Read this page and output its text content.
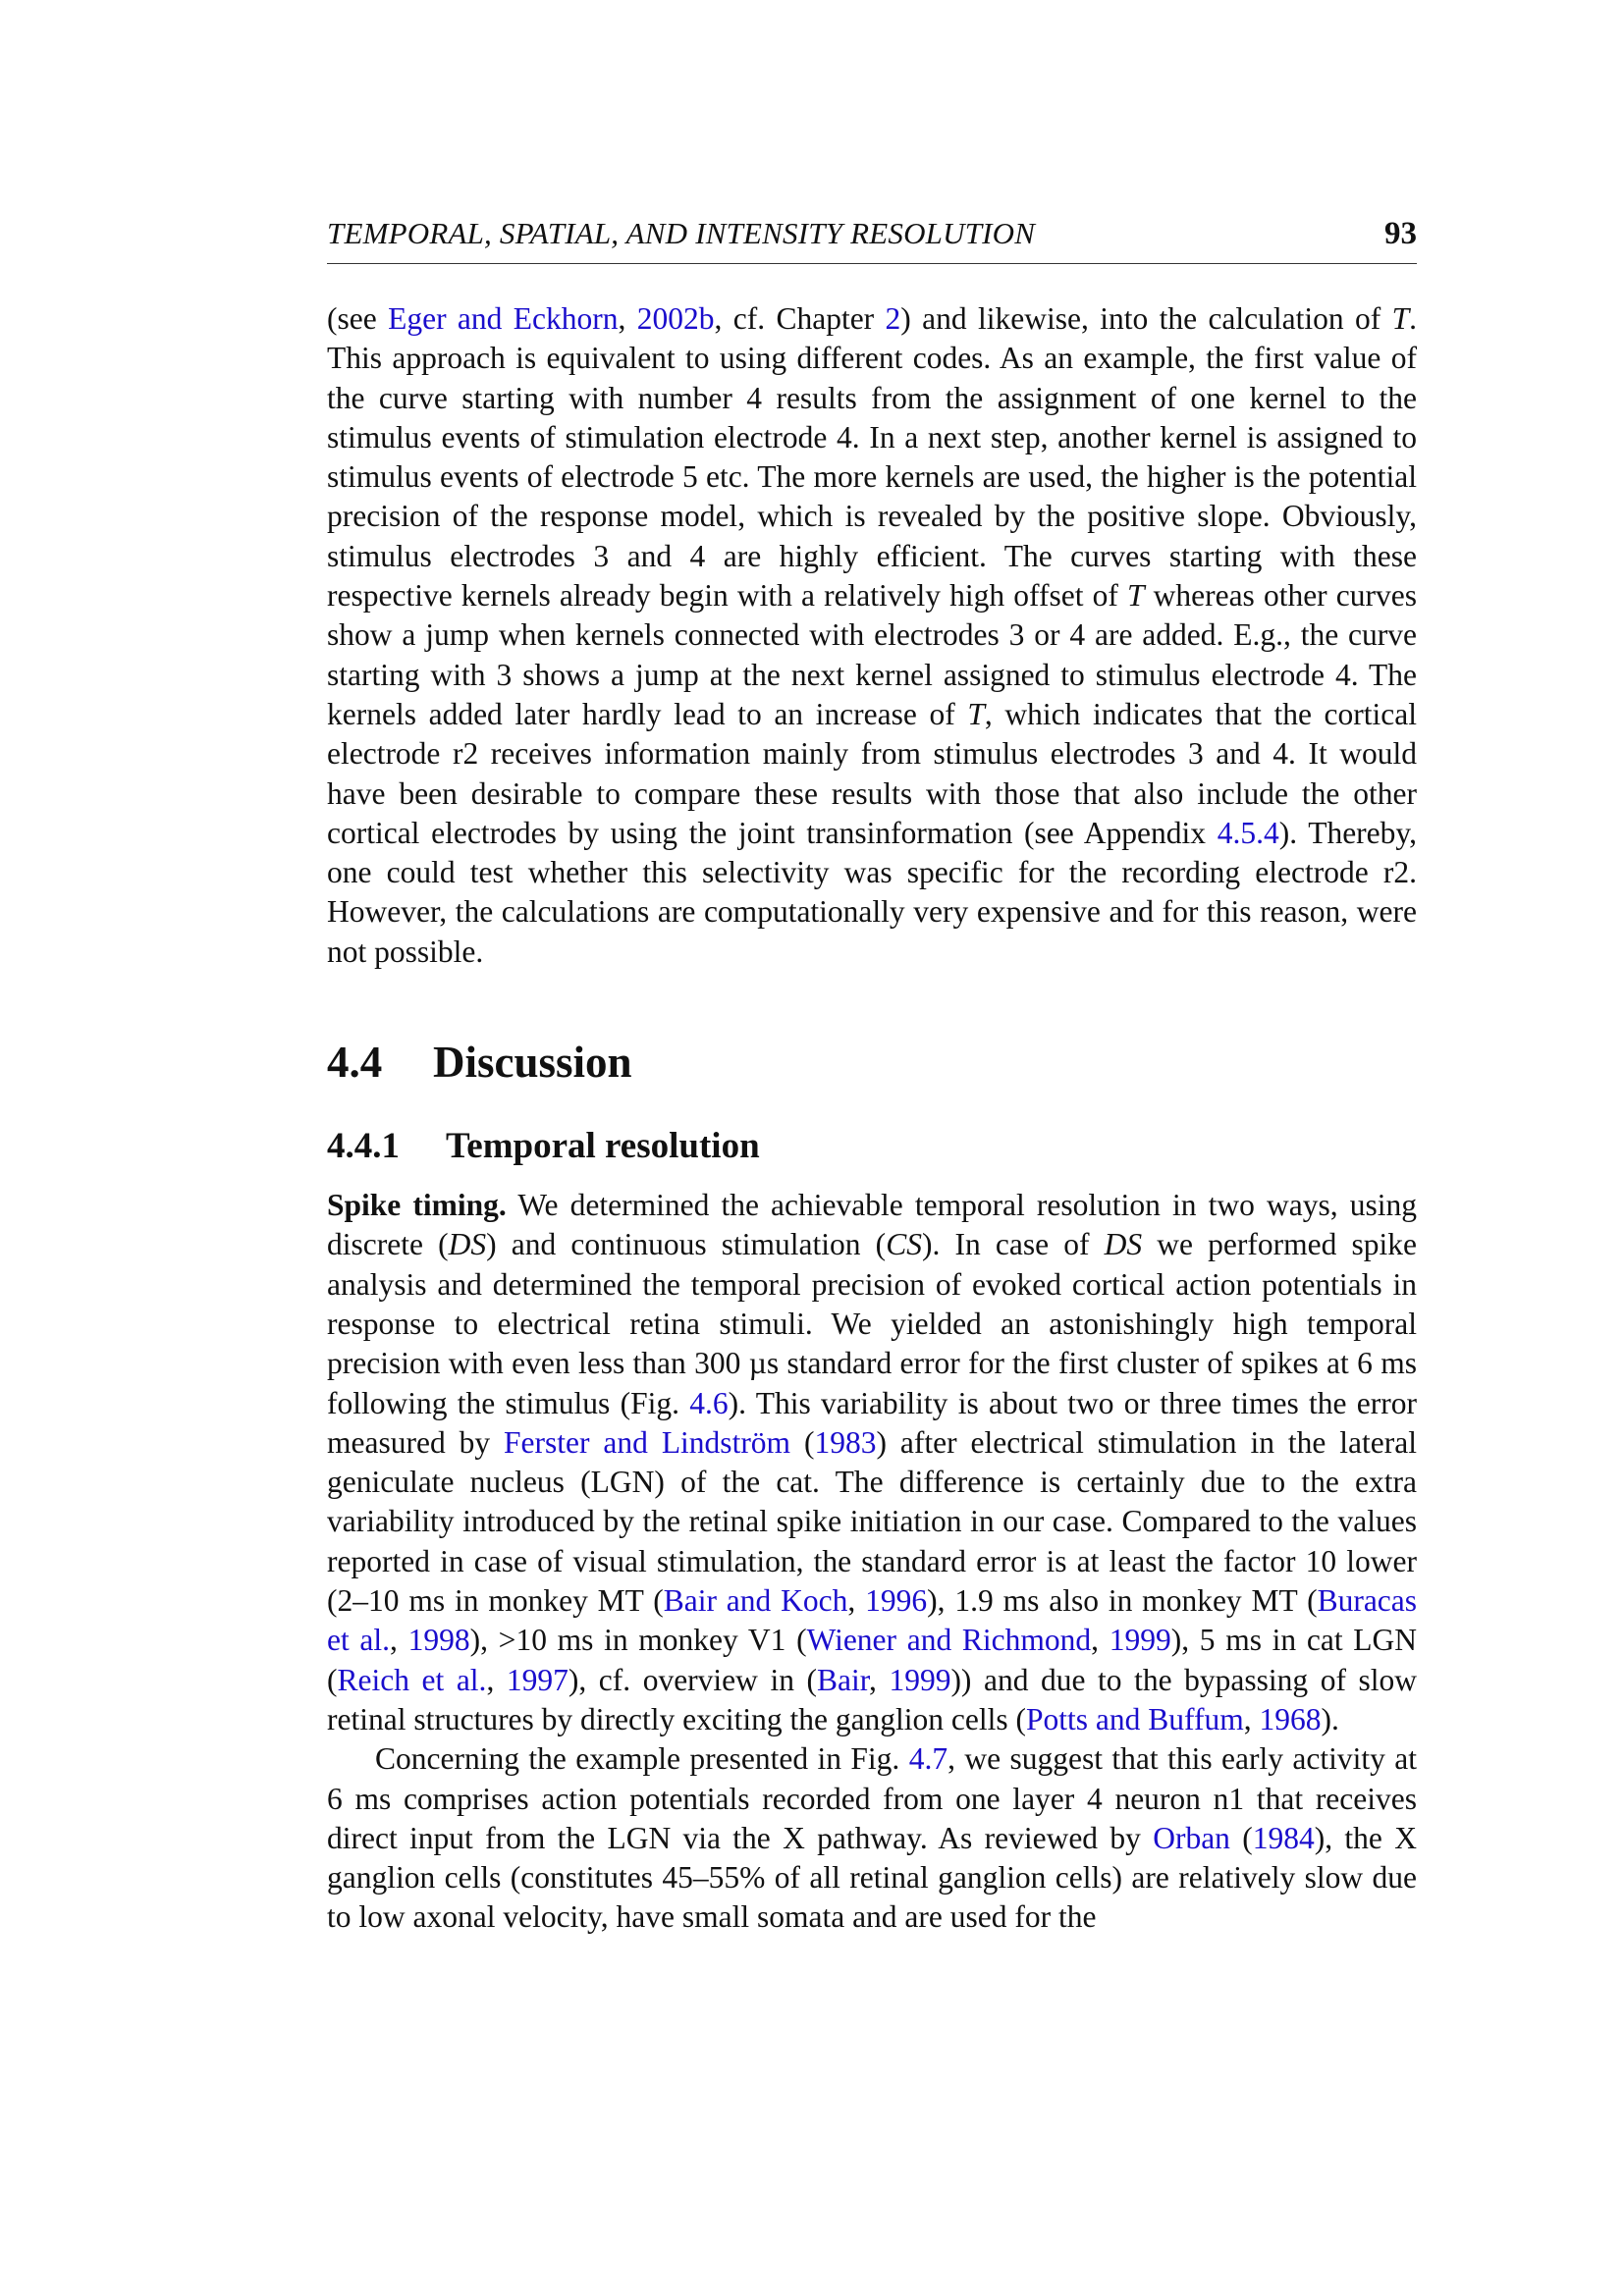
TEMPORAL, SPATIAL, AND INTENSITY RESOLUTION	93

(see Eger and Eckhorn, 2002b, cf. Chapter 2) and likewise, into the calculation of T. This approach is equivalent to using different codes. As an example, the first value of the curve starting with number 4 results from the assignment of one kernel to the stimulus events of stimulation electrode 4. In a next step, another kernel is assigned to stimulus events of electrode 5 etc. The more kernels are used, the higher is the potential precision of the response model, which is revealed by the positive slope. Obviously, stimulus electrodes 3 and 4 are highly efficient. The curves starting with these respective kernels already begin with a relatively high offset of T whereas other curves show a jump when kernels connected with electrodes 3 or 4 are added. E.g., the curve starting with 3 shows a jump at the next kernel assigned to stimulus electrode 4. The kernels added later hardly lead to an increase of T, which indicates that the cortical electrode r2 receives information mainly from stimulus electrodes 3 and 4. It would have been desirable to compare these results with those that also include the other cortical electrodes by using the joint transinformation (see Appendix 4.5.4). Thereby, one could test whether this selectivity was specific for the recording electrode r2. However, the calculations are computationally very expensive and for this reason, were not possible.

4.4 Discussion
4.4.1 Temporal resolution

Spike timing. We determined the achievable temporal resolution in two ways, using discrete (DS) and continuous stimulation (CS). In case of DS we performed spike analysis and determined the temporal precision of evoked cortical action potentials in response to electrical retina stimuli. We yielded an astonishingly high temporal precision with even less than 300 µs standard error for the first cluster of spikes at 6 ms following the stimulus (Fig. 4.6). This variability is about two or three times the error measured by Ferster and Lindström (1983) after electrical stimulation in the lateral geniculate nucleus (LGN) of the cat. The difference is certainly due to the extra variability introduced by the retinal spike initiation in our case. Compared to the values reported in case of visual stimulation, the standard error is at least the factor 10 lower (2–10 ms in monkey MT (Bair and Koch, 1996), 1.9 ms also in monkey MT (Buracas et al., 1998), >10 ms in monkey V1 (Wiener and Richmond, 1999), 5 ms in cat LGN (Reich et al., 1997), cf. overview in (Bair, 1999)) and due to the bypassing of slow retinal structures by directly exciting the ganglion cells (Potts and Buffum, 1968).

Concerning the example presented in Fig. 4.7, we suggest that this early activity at 6 ms comprises action potentials recorded from one layer 4 neuron n1 that receives direct input from the LGN via the X pathway. As reviewed by Orban (1984), the X ganglion cells (constitutes 45–55% of all retinal ganglion cells) are relatively slow due to low axonal velocity, have small somata and are used for the
